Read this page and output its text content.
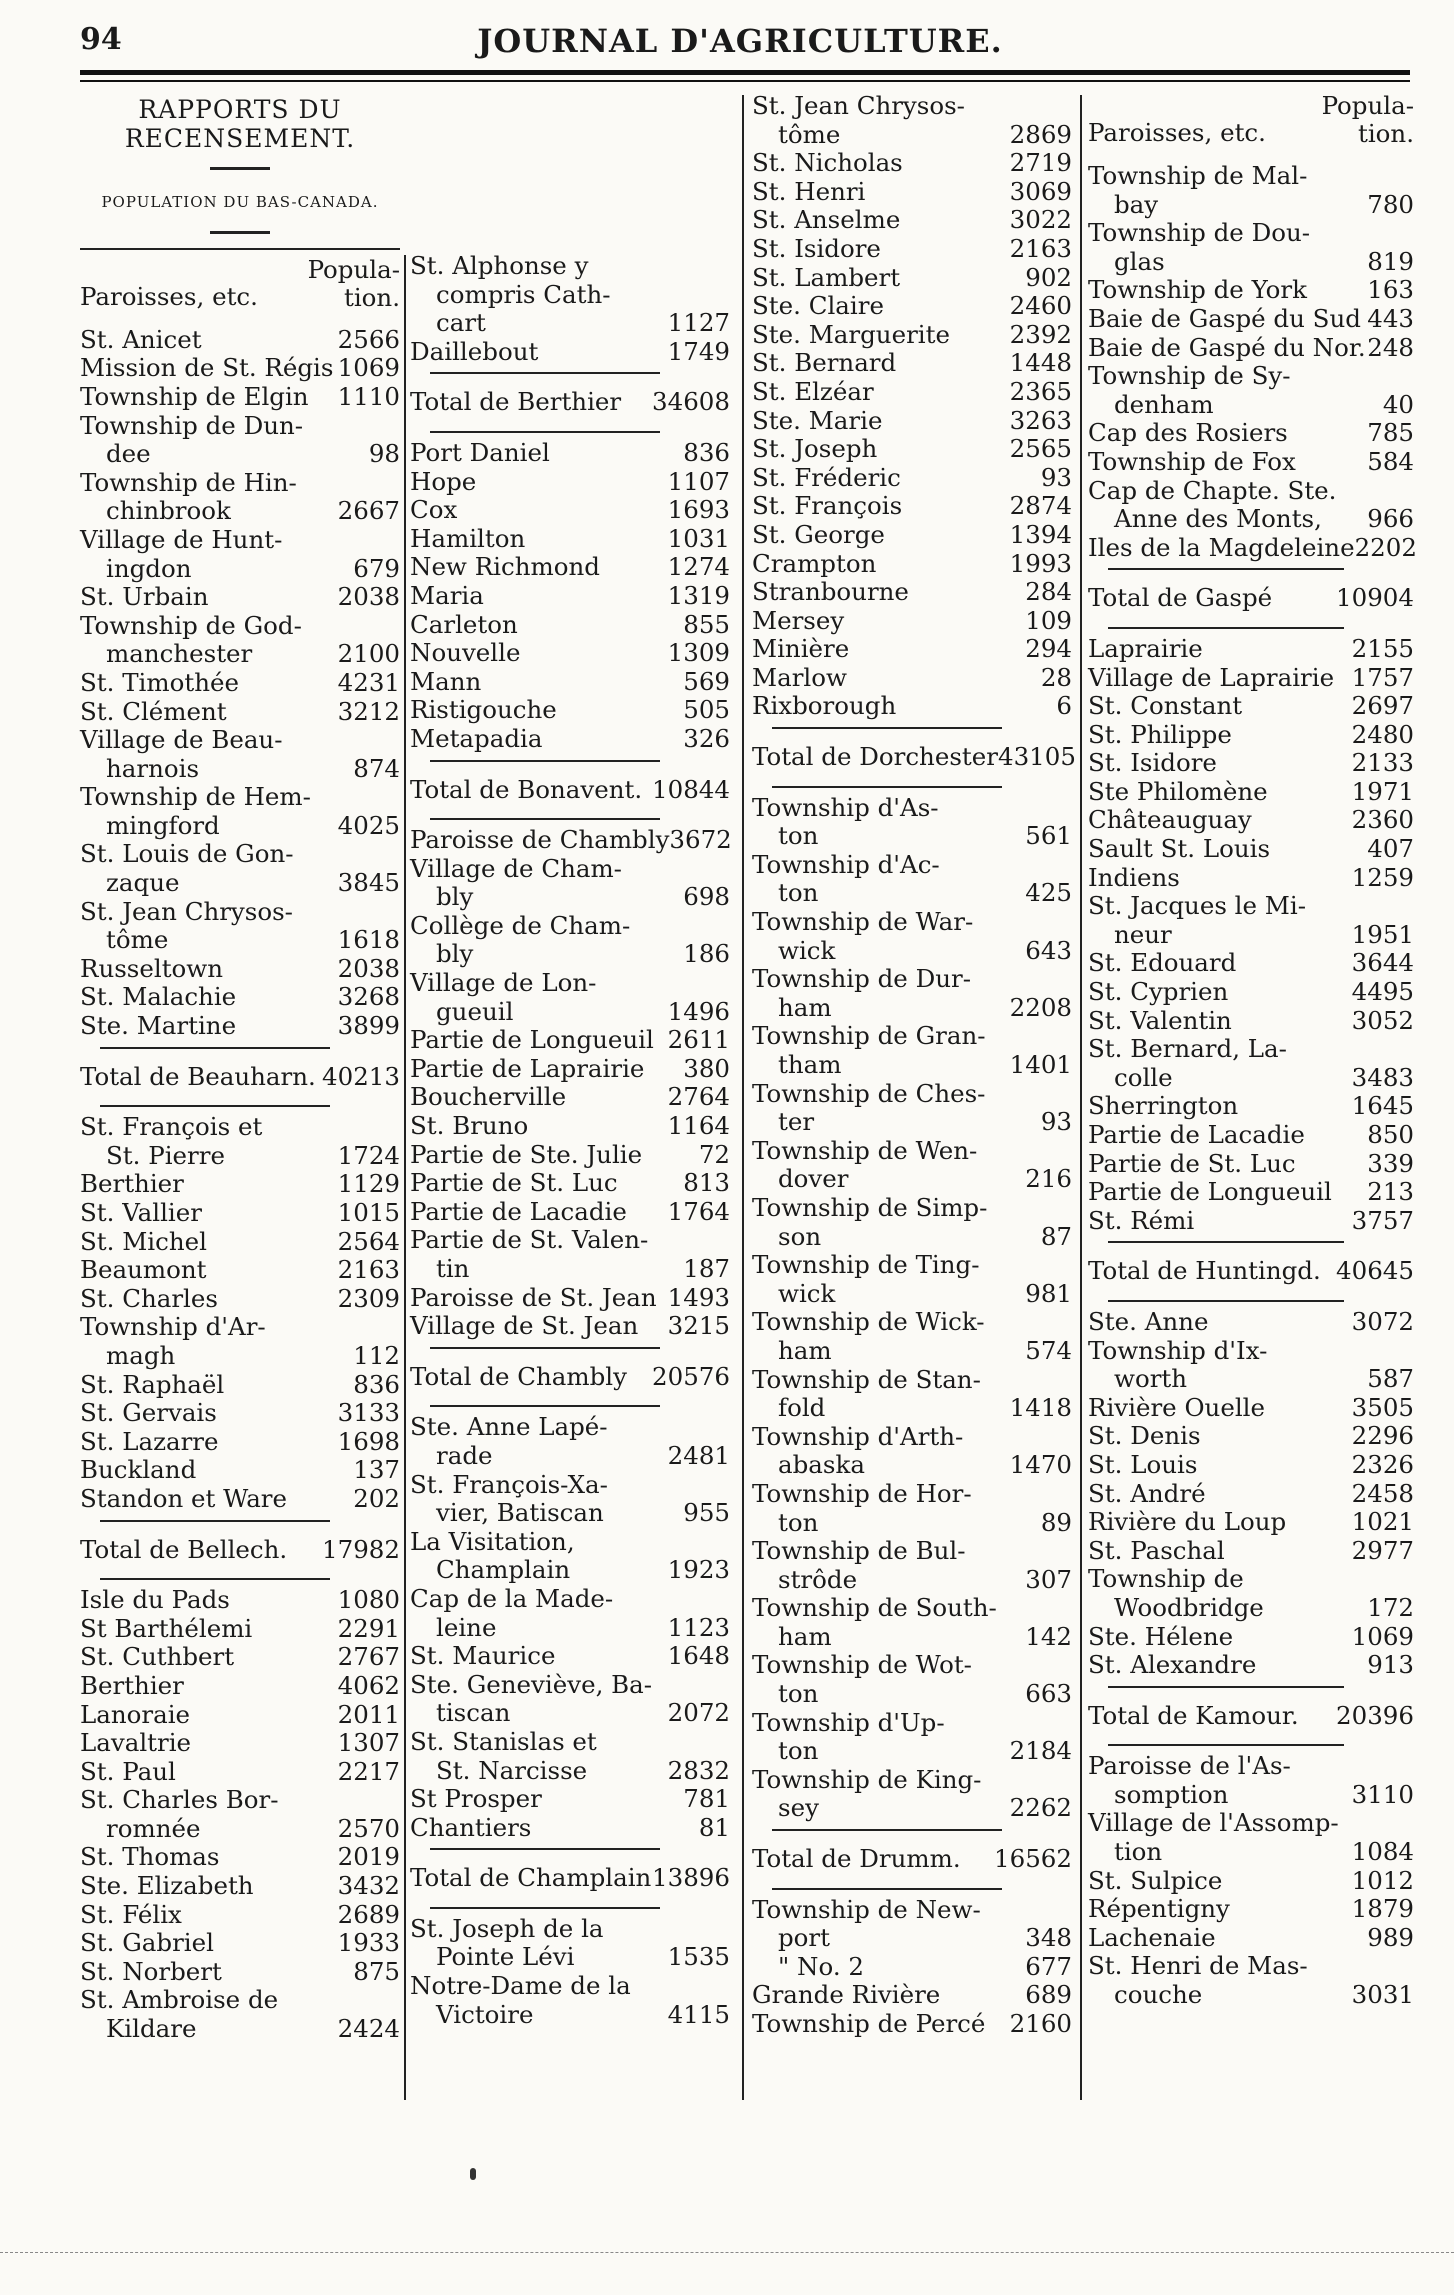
94	JOURNAL D'AGRICULTURE.
RAPPORTS DU RECENSEMENT.
POPULATION DU BAS-CANADA.
Paroisses, etc.
Popula-
tion.
St. Anicet	2566
Mission de St. Régis 1069
Township de Elgin	1110
Township de Dun-
dee	98
Township de Hin-
chinbrook	2667
Village de Hunt-
ingdon	679
St. Urbain	2038
Township de God-
manchester	2100
St. Timothée	4231
St. Clément	3212
Village de Beau-
harnois	874
Township de Hem-
mingford	4025
St. Louis de Gon-
zaque	3845
St. Jean Chrysos-
tôme	1618
Russeltown	2038
St. Malachie	3268
Ste. Martine	3899
Total de Beauharn. 40213
St. François et
St. Pierre	1724
Berthier	1129
St. Vallier	1015
St. Michel	2564
Beaumont	2163
St. Charles	2309
Township d'Ar-
magh	112
St. Raphaël	836
St. Gervais	3133
St. Lazarre	1698
Buckland	137
Standon et Ware	202
Total de Bellech.	17982
Isle du Pads	1080
St Barthélemi	2291
St. Cuthbert	2767
Berthier	4062
Lanoraie	2011
Lavaltrie	1307
St. Paul	2217
St. Charles Bor-
romnée	2570
St. Thomas	2019
Ste. Elizabeth	3432
St. Félix	2689
St. Gabriel	1933
St. Norbert	875
St. Ambroise de
Kildare	2424
St. Alphonse y
compris Cath-
cart	1127
Daillebout	1749
Total de Berthier	34608
Port Daniel	836
Hope	1107
Cox	1693
Hamilton	1031
New Richmond	1274
Maria	1319
Carleton	855
Nouvelle	1309
Mann	569
Ristigouche	505
Metapadia	326
Total de Bonavent. 10844
Paroisse de Chambly 3672
Village de Cham-
bly	698
Collège de Cham-
bly	186
Village de Lon-
gueuil	1496
Partie de Longueuil 2611
Partie de Laprairie	380
Boucherville	2764
St. Bruno	1164
Partie de Ste. Julie	72
Partie de St. Luc	813
Partie de Lacadie	1764
Partie de St. Valen-
tin	187
Paroisse de St. Jean 1493
Village de St. Jean	3215
Total de Chambly	20576
Ste. Anne Lapé-
rade	2481
St. François-Xa-
vier, Batiscan	955
La Visitation,
Champlain	1923
Cap de la Made-
leine	1123
St. Maurice	1648
Ste. Geneviève, Ba-
tiscan	2072
St. Stanislas et
St. Narcisse	2832
St Prosper	781
Chantiers	81
Total de Champlain 13896
St. Joseph de la
Pointe Lévi	1535
Notre-Dame de la
Victoire	4115
St. Jean Chrysos-
tôme	2869
St. Nicholas	2719
St. Henri	3069
St. Anselme	3022
St. Isidore	2163
St. Lambert	902
Ste. Claire	2460
Ste. Marguerite	2392
St. Bernard	1448
St. Elzéar	2365
Ste. Marie	3263
St. Joseph	2565
St. Fréderic	93
St. François	2874
St. George	1394
Crampton	1993
Stranbourne	284
Mersey	109
Minière	294
Marlow	28
Rixborough	6
Total de Dorchester 43105
Township d'As-
ton	561
Township d'Ac-
ton	425
Township de War-
wick	643
Township de Dur-
ham	2208
Township de Gran-
tham	1401
Township de Ches-
ter	93
Township de Wen-
dover	216
Township de Simp-
son	87
Township de Ting-
wick	981
Township de Wick-
ham	574
Township de Stan-
fold	1418
Township d'Arth-
abaska	1470
Township de Hor-
ton	89
Township de Bul-
strôde	307
Township de South-
ham	142
Township de Wot-
ton	663
Township d'Up-
ton	2184
Township de King-
sey	2262
Total de Drumm.	16562
Township de New-
port	348
" No. 2	677
Grande Rivière	689
Township de Percé 2160
Paroisses, etc.
Popula-
tion.
Township de Mal-
bay	780
Township de Dou-
glas	819
Township de York	163
Baie de Gaspé du Sud 443
Baie de Gaspé du Nor. 248
Township de Sy-
denham	40
Cap des Rosiers	785
Township de Fox	584
Cap de Chapte. Ste.
Anne des Monts,	966
Iles de la Magdeleine 2202
Total de Gaspé	10904
Laprairie	2155
Village de Laprairie 1757
St. Constant	2697
St. Philippe	2480
St. Isidore	2133
Ste Philomène	1971
Châteauguay	2360
Sault St. Louis	407
Indiens	1259
St. Jacques le Mi-
neur	1951
St. Edouard	3644
St. Cyprien	4495
St. Valentin	3052
St. Bernard, La-
colle	3483
Sherrington	1645
Partie de Lacadie	850
Partie de St. Luc	339
Partie de Longueuil	213
St. Rémi	3757
Total de Huntingd. 40645
Ste. Anne	3072
Township d'Ix-
worth	587
Rivière Ouelle	3505
St. Denis	2296
St. Louis	2326
St. André	2458
Rivière du Loup	1021
St. Paschal	2977
Township de
Woodbridge	172
Ste. Hélene	1069
St. Alexandre	913
Total de Kamour.	20396
Paroisse de l'As-
somption	3110
Village de l'Assomp-
tion	1084
St. Sulpice	1012
Répentigny	1879
Lachenaie	989
St. Henri de Mas-
couche	3031
